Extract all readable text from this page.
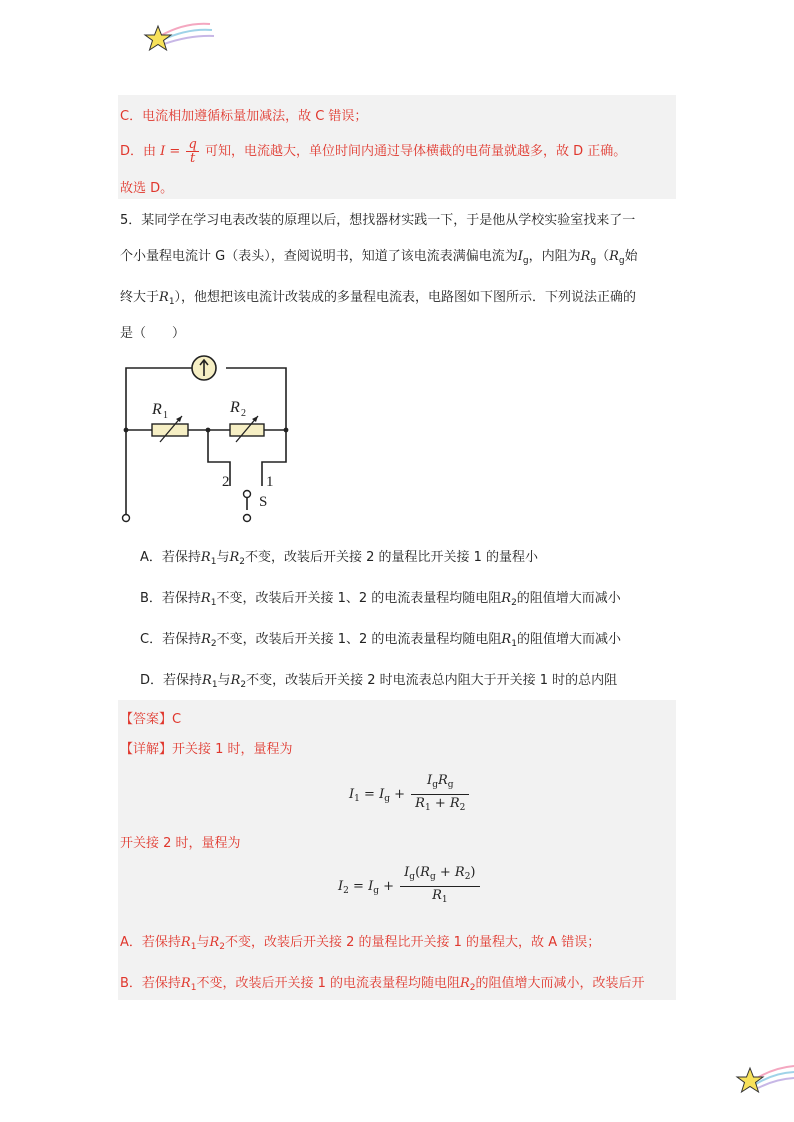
C．电流相加遵循标量加减法，故 C 错误；
D．由 $I = \frac{q}{t}$ 可知，电流越大，单位时间内通过导体横截的电荷量就越多，故 D 正确。
故选 D。
5．某同学在学习电表改装的原理以后，想找器材实践一下，于是他从学校实验室找来了一
个小量程电流计 G（表头），查阅说明书，知道了该电流表满偏电流为$I_g$，内阻为$R_g(R_g$始
终大于$R_1$），他想把该电流计改装成的多量程电流表，电路图如下图所示．下列说法正确的
是（　　）
R 1	R 2
2 1
S
A．若保持$R_1$与$R_2$不变，改装后开关接 2 的量程比开关接 1 的量程小
B．若保持$R_1$不变，改装后开关接 1、2 的电流表量程均随电阻$R_2$的阻值增大而减小
C．若保持$R_2$不变，改装后开关接 1、2 的电流表量程均随电阻$R_1$的阻值增大而减小
D．若保持$R_1$与$R_2$不变，改装后开关接 2 时电流表总内阻大于开关接 1 时的总内阻
【答案】C
【详解】开关接 1 时，量程为
$I_1 = I_g + \frac{I_gR_g}{R_1 + R_2}$
开关接 2 时，量程为
$I_2 = I_g + \frac{I_g(R_g + R_2)}{R_1}$
A．若保持$R_1$与$R_2$不变，改装后开关接 2 的量程比开关接 1 的量程大，故 A 错误；
B．若保持$R_1$不变，改装后开关接 1 的电流表量程均随电阻$R_2$的阻值增大而减小，改装后开
